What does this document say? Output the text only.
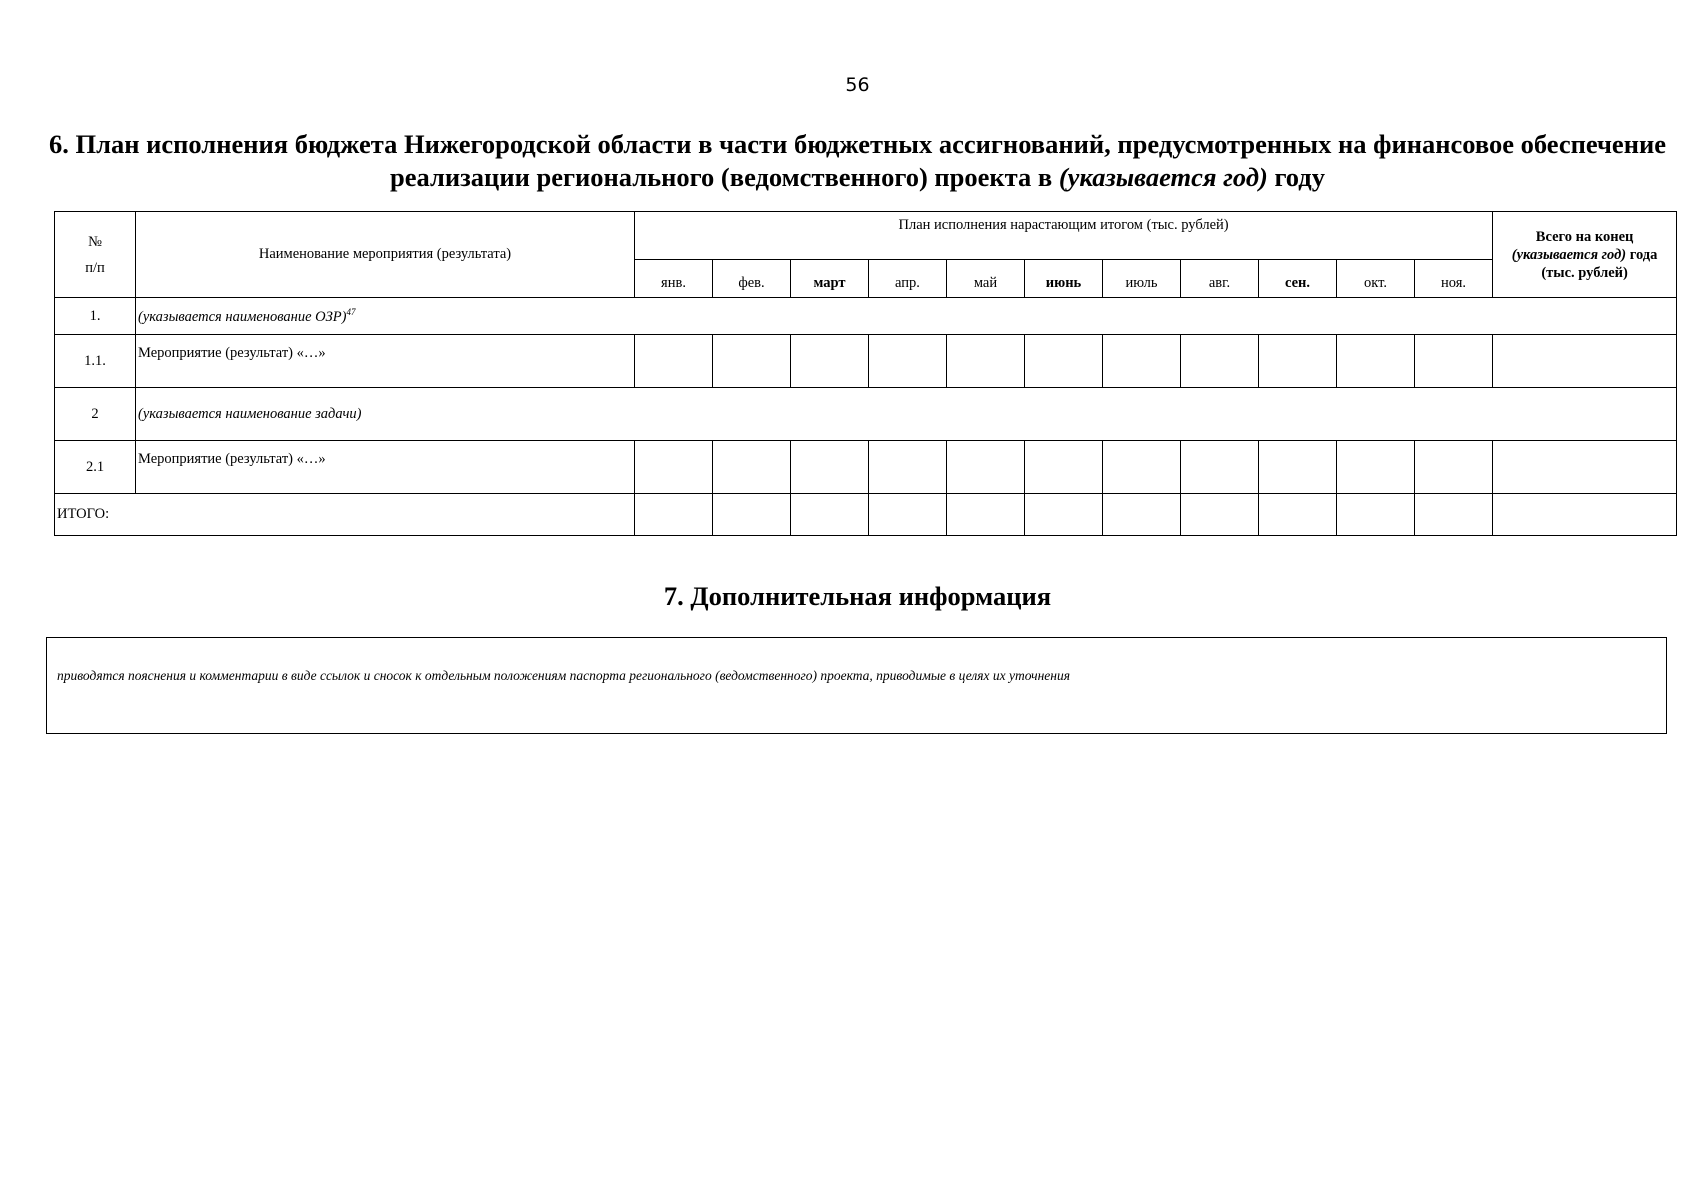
56
6. План исполнения бюджета Нижегородской области в части бюджетных ассигнований, предусмотренных на финансовое обеспечение реализации регионального (ведомственного) проекта в (указывается год) году
№
п/п	Наименование мероприятия (результата)	План исполнения нарастающим итогом (тыс. рублей)											Всего на конец
(указывается год) года
(тыс. рублей)
		янв.	фев.	март	апр.	май	июнь	июль	авг.	сен.	окт.	ноя.	
1.	(указывается наименование ОЗР)$^{47}$
1.1.	Мероприятие (результат) «…»												
2	(указывается наименование задачи)												
2.1	Мероприятие (результат) «…»												
ИТОГО:													
7. Дополнительная информация
приводятся пояснения и комментарии в виде ссылок и сносок к отдельным положениям паспорта регионального (ведомственного) проекта, приводимые в целях их уточнения
